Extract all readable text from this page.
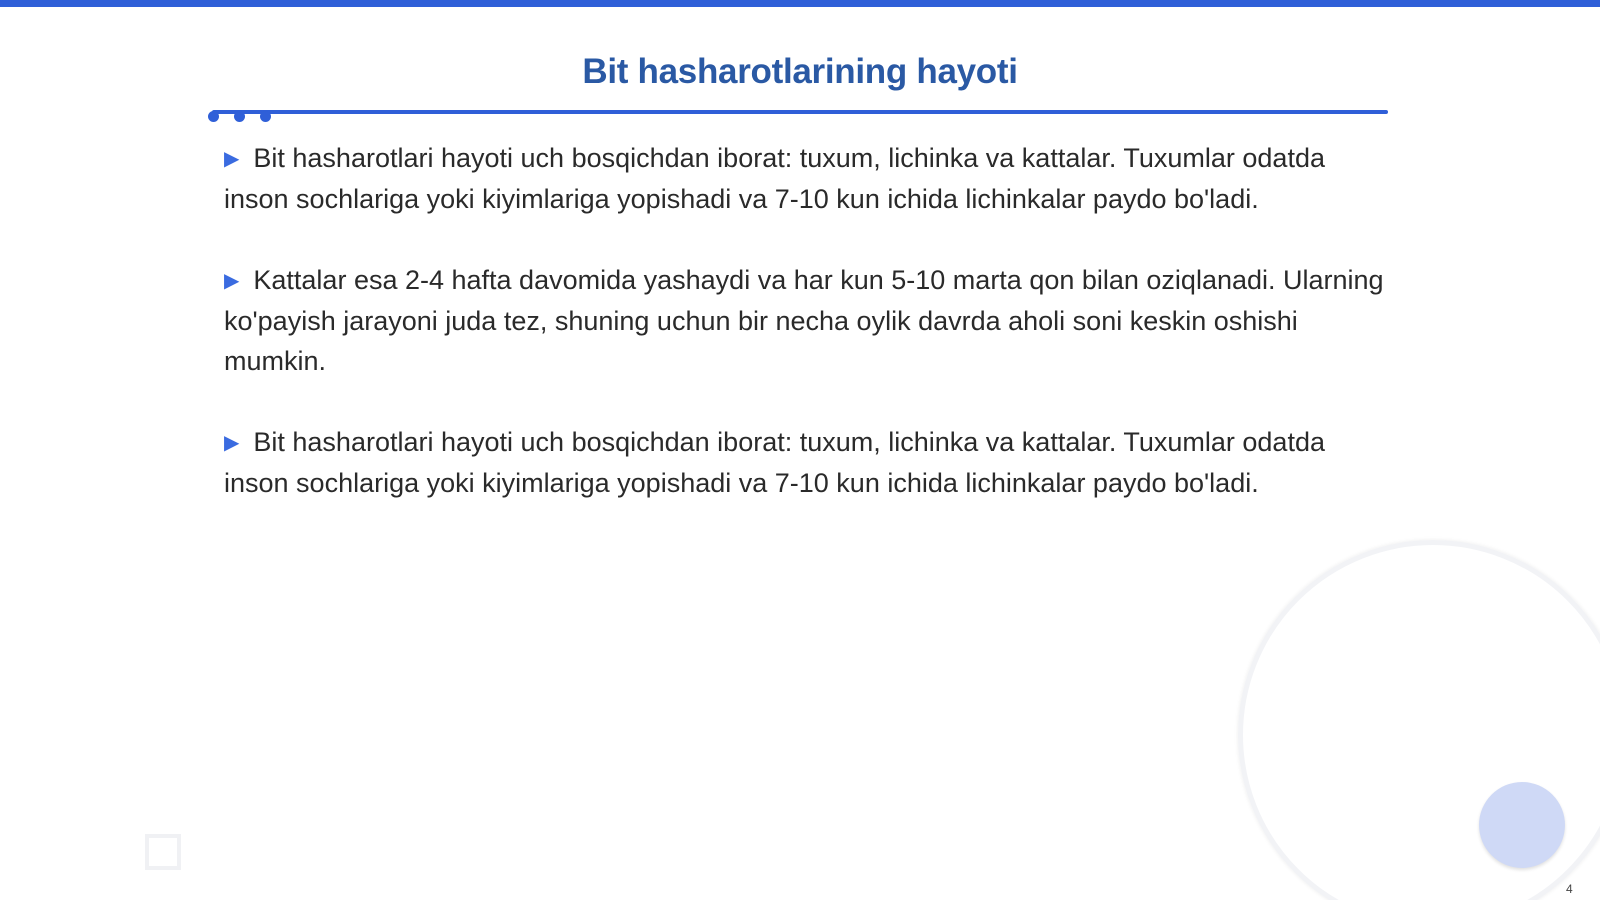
Bit hasharotlarining hayoti

▶ Bit hasharotlari hayoti uch bosqichdan iborat: tuxum, lichinka va kattalar. Tuxumlar odatda inson sochlariga yoki kiyimlariga yopishadi va 7-10 kun ichida lichinkalar paydo bo'ladi.

▶ Kattalar esa 2-4 hafta davomida yashaydi va har kun 5-10 marta qon bilan oziqlanadi. Ularning ko'payish jarayoni juda tez, shuning uchun bir necha oylik davrda aholi soni keskin oshishi mumkin.

▶ Bit hasharotlari hayoti uch bosqichdan iborat: tuxum, lichinka va kattalar. Tuxumlar odatda inson sochlariga yoki kiyimlariga yopishadi va 7-10 kun ichida lichinkalar paydo bo'ladi.

4
